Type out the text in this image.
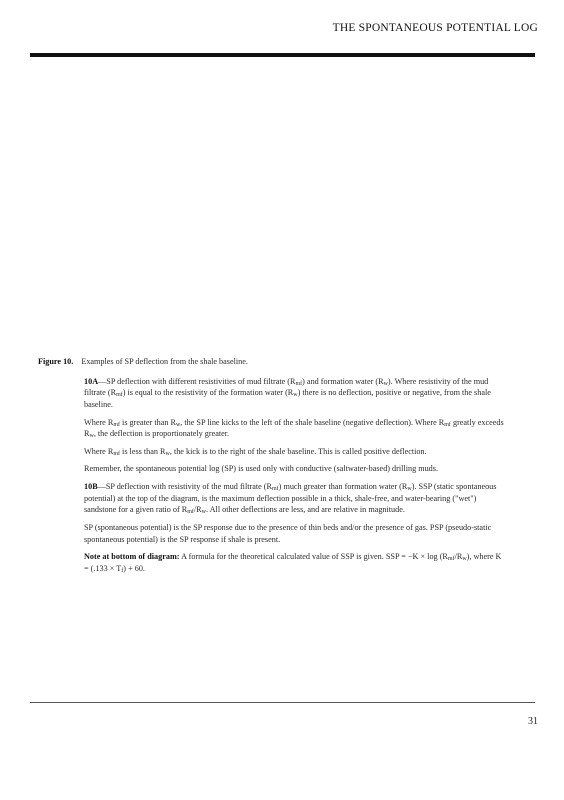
THE SPONTANEOUS POTENTIAL LOG

Figure 10. Examples of SP deflection from the shale baseline.

10A—SP deflection with different resistivities of mud filtrate $(R_{mf})$ and formation water $(R_w)$. Where resistivity of the mud filtrate $(R_{mf})$ is equal to the resistivity of the formation water $(R_w)$ there is no deflection, positive or negative, from the shale baseline.

Where $R_{mf}$ is greater than $R_w$, the SP line kicks to the left of the shale baseline (negative deflection). Where $R_{mf}$ greatly exceeds $R_w$, the deflection is proportionately greater.

Where $R_{mf}$ is less than $R_w$, the kick is to the right of the shale baseline. This is called positive deflection.

Remember, the spontaneous potential log (SP) is used only with conductive (saltwater-based) drilling muds.

10B—SP deflection with resistivity of the mud filtrate $(R_{mf})$ much greater than formation water $(R_w)$. SSP (static spontaneous potential) at the top of the diagram, is the maximum deflection possible in a thick, shale-free, and water-bearing ("wet") sandstone for a given ratio of $R_{mf}/R_w$. All other deflections are less, and are relative in magnitude.

SP (spontaneous potential) is the SP response due to the presence of thin beds and/or the presence of gas. PSP (pseudo-static spontaneous potential) is the SP response if shale is present.

Note at bottom of diagram: A formula for the theoretical calculated value of SSP is given. SSP = $-K \times \log (R_{mf}/R_w)$, where $K = (.133 \times T_f) + 60$.

31
